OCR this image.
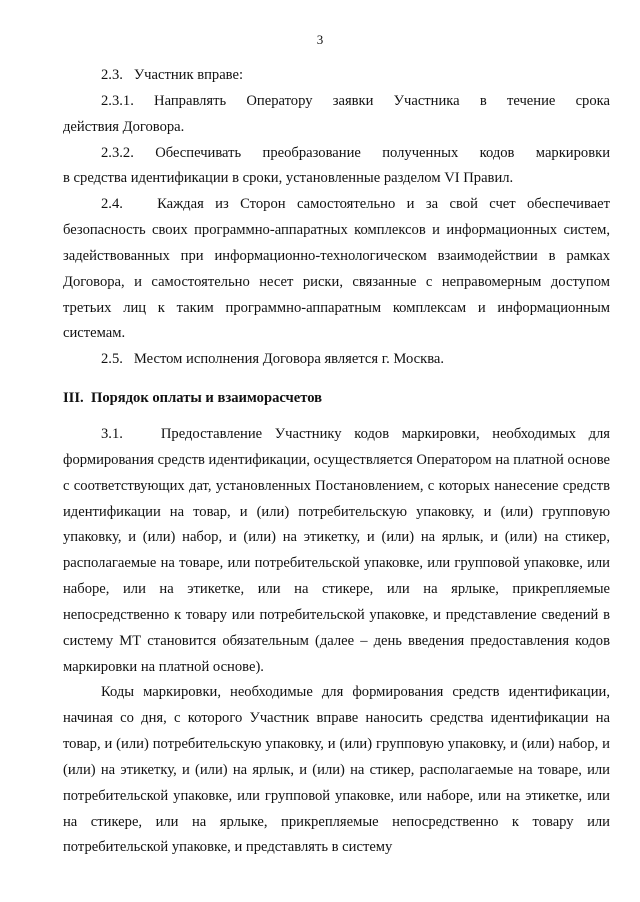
3

2.3.   Участник вправе:

2.3.1. Направлять Оператору заявки Участника в течение срока

действия Договора.

2.3.2. Обеспечивать преобразование полученных кодов маркировки

в средства идентификации в сроки, установленные разделом VI Правил.

2.4.   Каждая из Сторон самостоятельно и за свой счет обеспечивает безопасность своих программно-аппаратных комплексов и информационных систем, задействованных при информационно-технологическом взаимодействии в рамках Договора, и самостоятельно несет риски, связанные с неправомерным доступом третьих лиц к таким программно-аппаратным комплексам и информационным системам.

2.5.   Местом исполнения Договора является г. Москва.

III.  Порядок оплаты и взаиморасчетов

3.1.   Предоставление Участнику кодов маркировки, необходимых для формирования средств идентификации, осуществляется Оператором на платной основе с соответствующих дат, установленных Постановлением, с которых нанесение средств идентификации на товар, и (или) потребительскую упаковку, и (или) групповую упаковку, и (или) набор, и (или) на этикетку, и (или) на ярлык, и (или) на стикер, располагаемые на товаре, или потребительской упаковке, или групповой упаковке, или наборе, или на этикетке, или на стикере, или на ярлыке, прикрепляемые непосредственно к товару или потребительской упаковке, и представление сведений в систему МТ становится обязательным (далее – день введения предоставления кодов маркировки на платной основе).

Коды маркировки, необходимые для формирования средств идентификации, начиная со дня, с которого Участник вправе наносить средства идентификации на товар, и (или) потребительскую упаковку, и (или) групповую упаковку, и (или) набор, и (или) на этикетку, и (или) на ярлык, и (или) на стикер, располагаемые на товаре, или потребительской упаковке, или групповой упаковке, или наборе, или на этикетке, или на стикере, или на ярлыке, прикрепляемые непосредственно к товару или потребительской упаковке, и представлять в систему
